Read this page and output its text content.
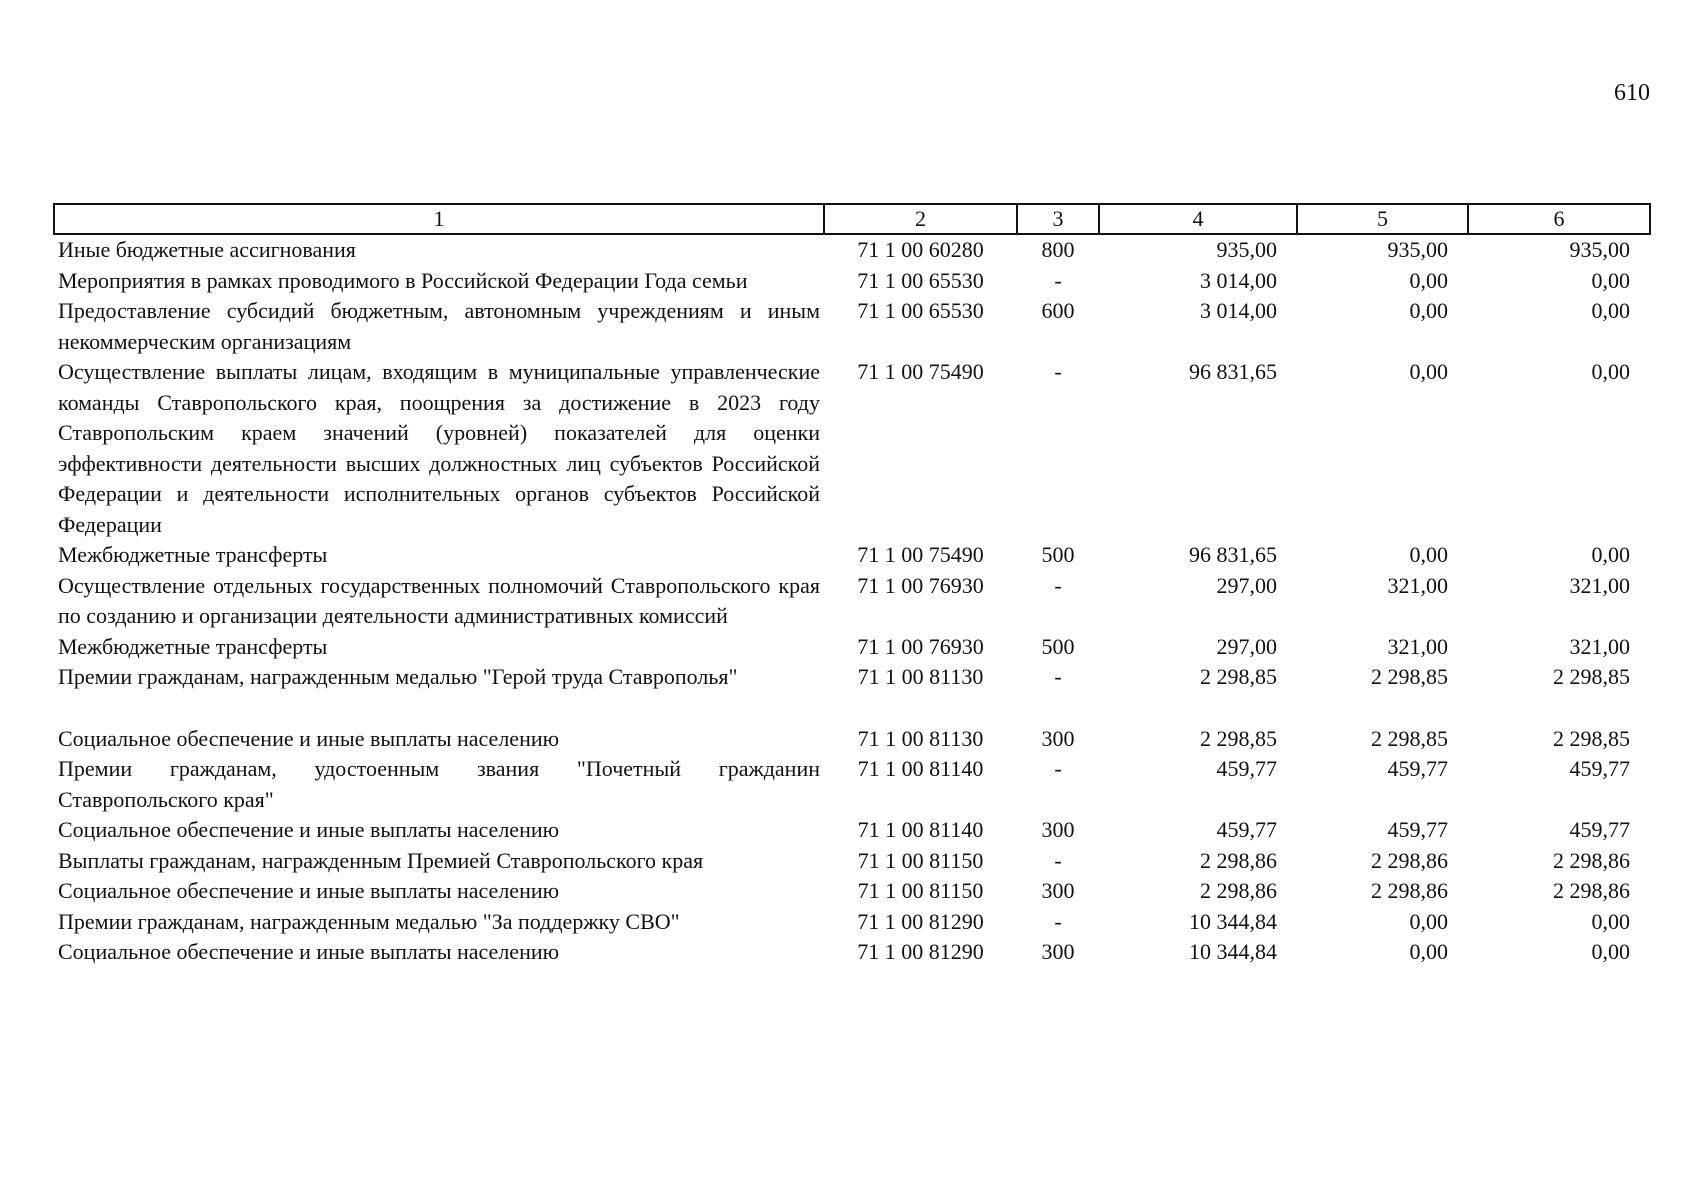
610
1	2	3	4	5	6
Иные бюджетные ассигнования	71 1 00 60280	800	935,00	935,00	935,00
Мероприятия в рамках проводимого в Российской Федерации Года семьи	71 1 00 65530	-	3 014,00	0,00	0,00
Предоставление субсидий бюджетным, автономным учреждениям и иным некоммерческим организациям	71 1 00 65530	600	3 014,00	0,00	0,00
Осуществление выплаты лицам, входящим в муниципальные управленческие команды Ставропольского края, поощрения за достижение в 2023 году Ставропольским краем значений (уровней) показателей для оценки эффективности деятельности высших должностных лиц субъектов Российской Федерации и деятельности исполнительных органов субъектов Российской Федерации	71 1 00 75490	-	96 831,65	0,00	0,00
Межбюджетные трансферты	71 1 00 75490	500	96 831,65	0,00	0,00
Осуществление отдельных государственных полномочий Ставропольского края по созданию и организации деятельности административных комиссий	71 1 00 76930	-	297,00	321,00	321,00
Межбюджетные трансферты	71 1 00 76930	500	297,00	321,00	321,00
Премии гражданам, награжденным медалью "Герой труда Ставрополья"	71 1 00 81130	-	2 298,85	2 298,85	2 298,85
Социальное обеспечение и иные выплаты населению	71 1 00 81130	300	2 298,85	2 298,85	2 298,85
Премии гражданам, удостоенным звания "Почетный гражданин Ставропольского края"	71 1 00 81140	-	459,77	459,77	459,77
Социальное обеспечение и иные выплаты населению	71 1 00 81140	300	459,77	459,77	459,77
Выплаты гражданам, награжденным Премией Ставропольского края	71 1 00 81150	-	2 298,86	2 298,86	2 298,86
Социальное обеспечение и иные выплаты населению	71 1 00 81150	300	2 298,86	2 298,86	2 298,86
Премии гражданам, награжденным медалью "За поддержку СВО"	71 1 00 81290	-	10 344,84	0,00	0,00
Социальное обеспечение и иные выплаты населению	71 1 00 81290	300	10 344,84	0,00	0,00
